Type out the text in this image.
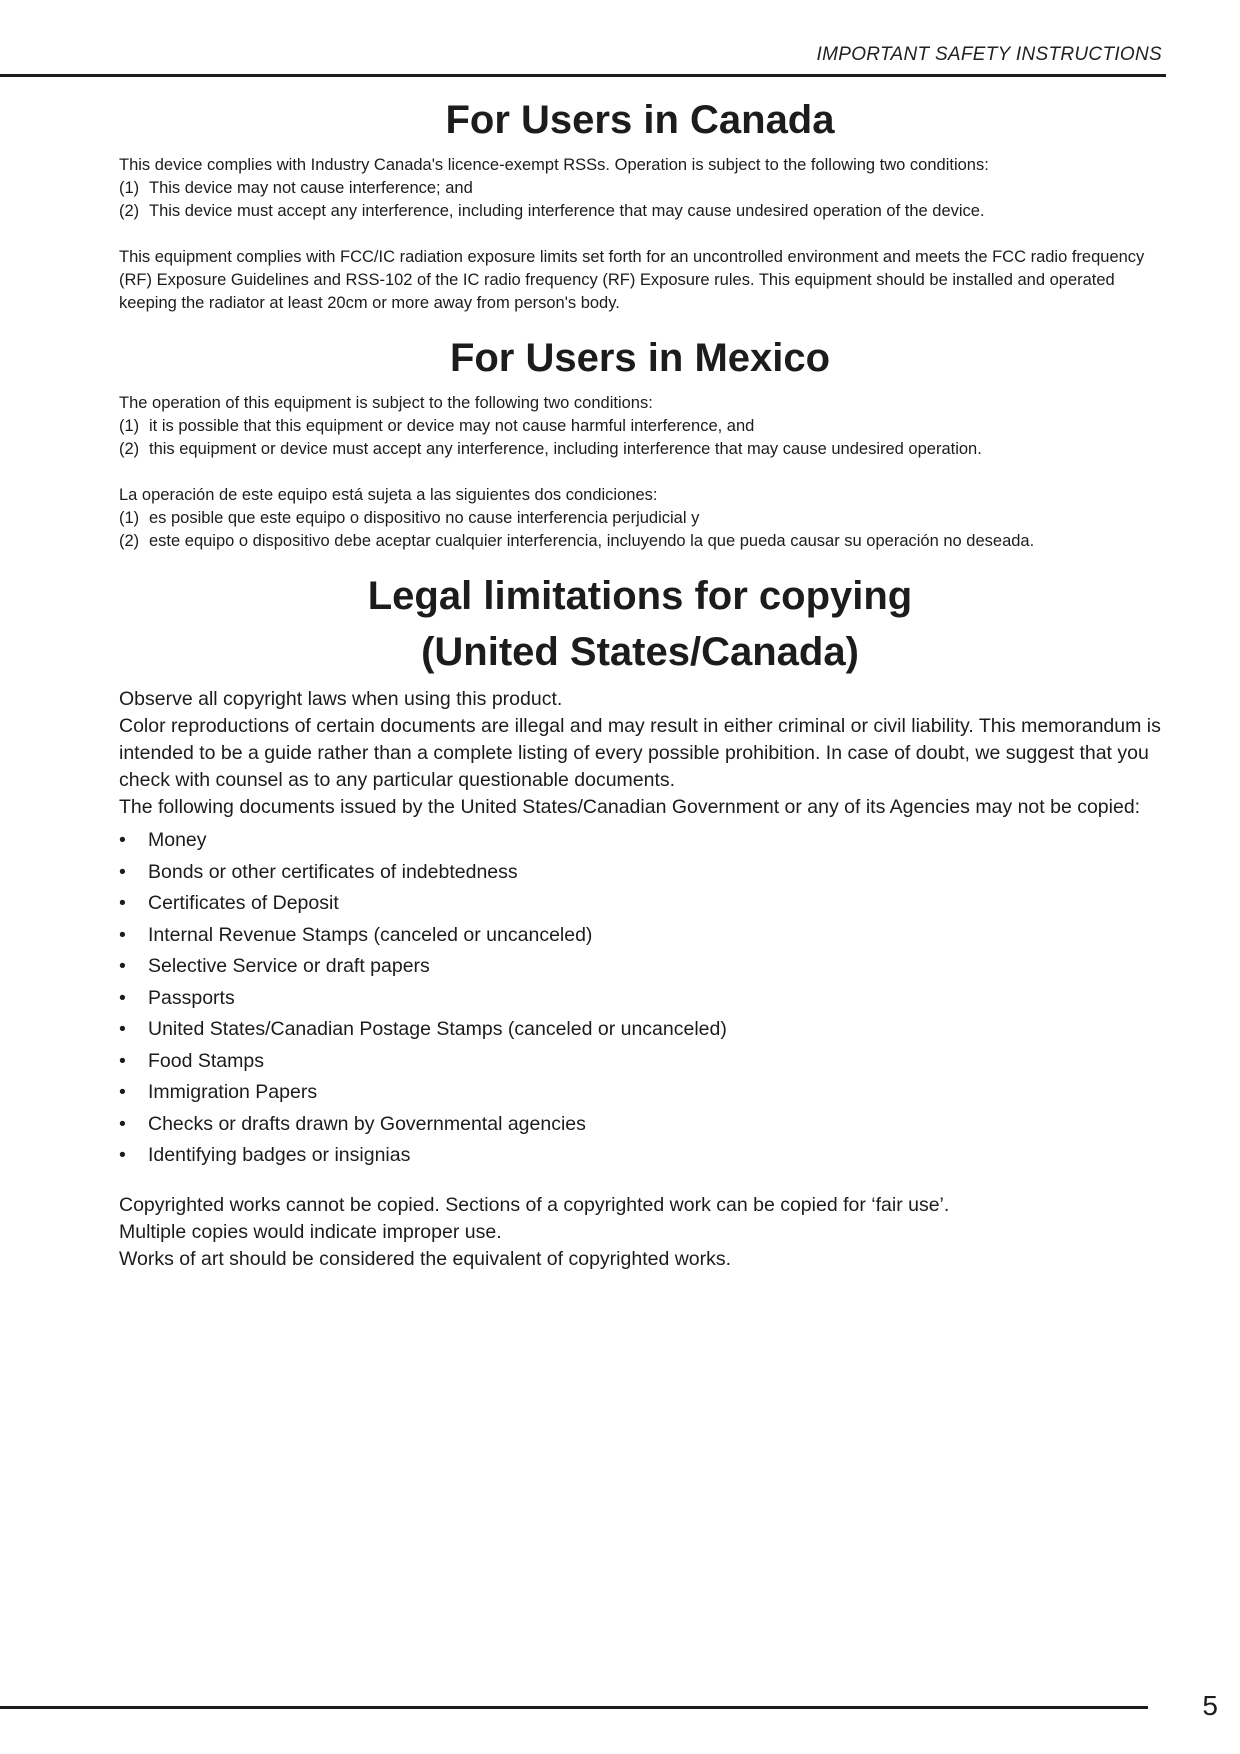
IMPORTANT SAFETY INSTRUCTIONS
For Users in Canada

This device complies with Industry Canada's licence-exempt RSSs. Operation is subject to the following two conditions:

(1) This device may not cause interference; and

(2) This device must accept any interference, including interference that may cause undesired operation of the device.

This equipment complies with FCC/IC radiation exposure limits set forth for an uncontrolled environment and meets the FCC radio frequency (RF) Exposure Guidelines and RSS-102 of the IC radio frequency (RF) Exposure rules. This equipment should be installed and operated keeping the radiator at least 20cm or more away from person's body.

For Users in Mexico

The operation of this equipment is subject to the following two conditions:

(1) it is possible that this equipment or device may not cause harmful interference, and

(2) this equipment or device must accept any interference, including interference that may cause undesired operation.

La operación de este equipo está sujeta a las siguientes dos condiciones:

(1) es posible que este equipo o dispositivo no cause interferencia perjudicial y

(2) este equipo o dispositivo debe aceptar cualquier interferencia, incluyendo la que pueda causar su operación no deseada.

Legal limitations for copying
(United States/Canada)

Observe all copyright laws when using this product.

Color reproductions of certain documents are illegal and may result in either criminal or civil liability. This memorandum is intended to be a guide rather than a complete listing of every possible prohibition. In case of doubt, we suggest that you check with counsel as to any particular questionable documents.

The following documents issued by the United States/Canadian Government or any of its Agencies may not be copied:

•	Money
•	Bonds or other certificates of indebtedness
•	Certificates of Deposit
•	Internal Revenue Stamps (canceled or uncanceled)
•	Selective Service or draft papers
•	Passports
•	United States/Canadian Postage Stamps (canceled or uncanceled)
•	Food Stamps
•	Immigration Papers
•	Checks or drafts drawn by Governmental agencies
•	Identifying badges or insignias

Copyrighted works cannot be copied. Sections of a copyrighted work can be copied for ‘fair use’.

Multiple copies would indicate improper use.

Works of art should be considered the equivalent of copyrighted works.

5
